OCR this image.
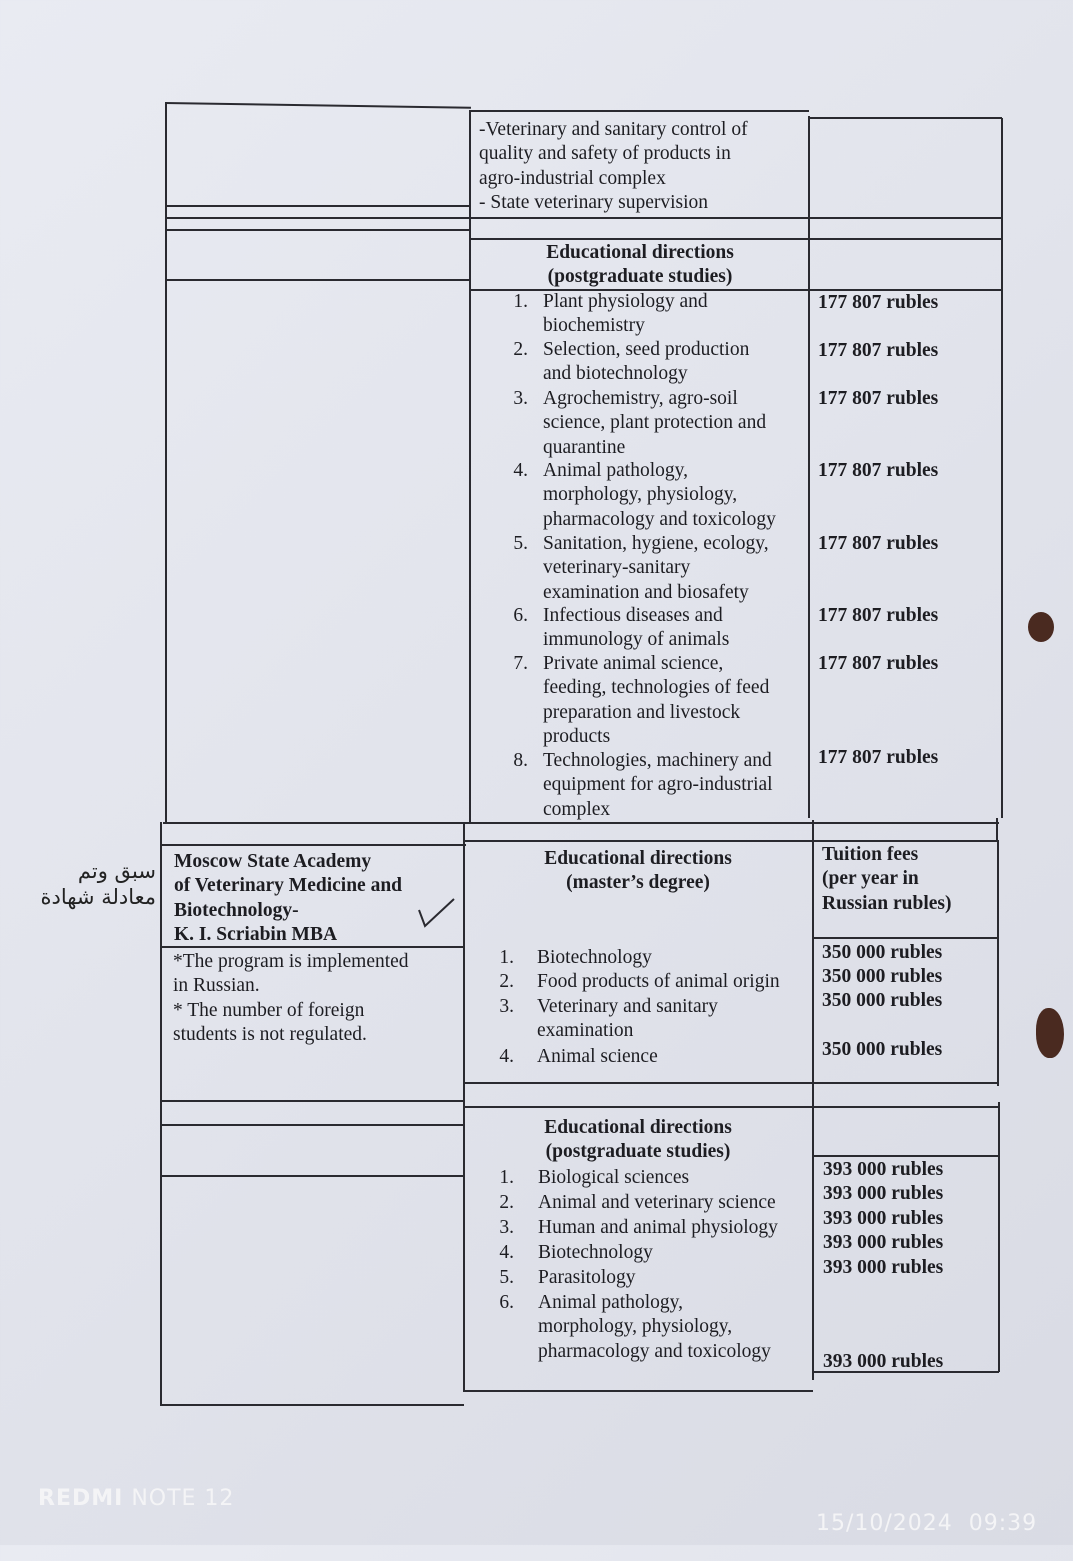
-Veterinary and sanitary control of
quality and safety of products in
agro-industrial complex
- State veterinary supervision
Educational directions
(postgraduate studies)
1. Plant physiology and
biochemistry
177 807 rubles
2. Selection, seed production
and biotechnology
177 807 rubles
3. Agrochemistry, agro-soil
science, plant protection and
quarantine
177 807 rubles
4. Animal pathology,
morphology, physiology,
pharmacology and toxicology
177 807 rubles
5. Sanitation, hygiene, ecology,
veterinary-sanitary
examination and biosafety
177 807 rubles
6. Infectious diseases and
immunology of animals
177 807 rubles
7. Private animal science,
feeding, technologies of feed
preparation and livestock
products
177 807 rubles
8. Technologies, machinery and
equipment for agro-industrial
complex
177 807 rubles
Moscow State Academy
of Veterinary Medicine and
Biotechnology-
K. I. Scriabin MBA
*The program is implemented
in Russian.
* The number of foreign
students is not regulated.
سبق وتم
معادلة شهادة
Educational directions
(master’s degree)
Tuition fees
(per year in
Russian rubles)
1. Biotechnology	350 000 rubles
2. Food products of animal origin 350 000 rubles
3. Veterinary and sanitary
examination
350 000 rubles
4. Animal science	350 000 rubles
Educational directions
(postgraduate studies)
1. Biological sciences	393 000 rubles
2. Animal and veterinary science 393 000 rubles
3. Human and animal physiology 393 000 rubles
4. Biotechnology	393 000 rubles
5. Parasitology	393 000 rubles
6. Animal pathology,
morphology, physiology,
pharmacology and toxicology	393 000 rubles
REDMI NOTE 12

15/10/2024  09:39
